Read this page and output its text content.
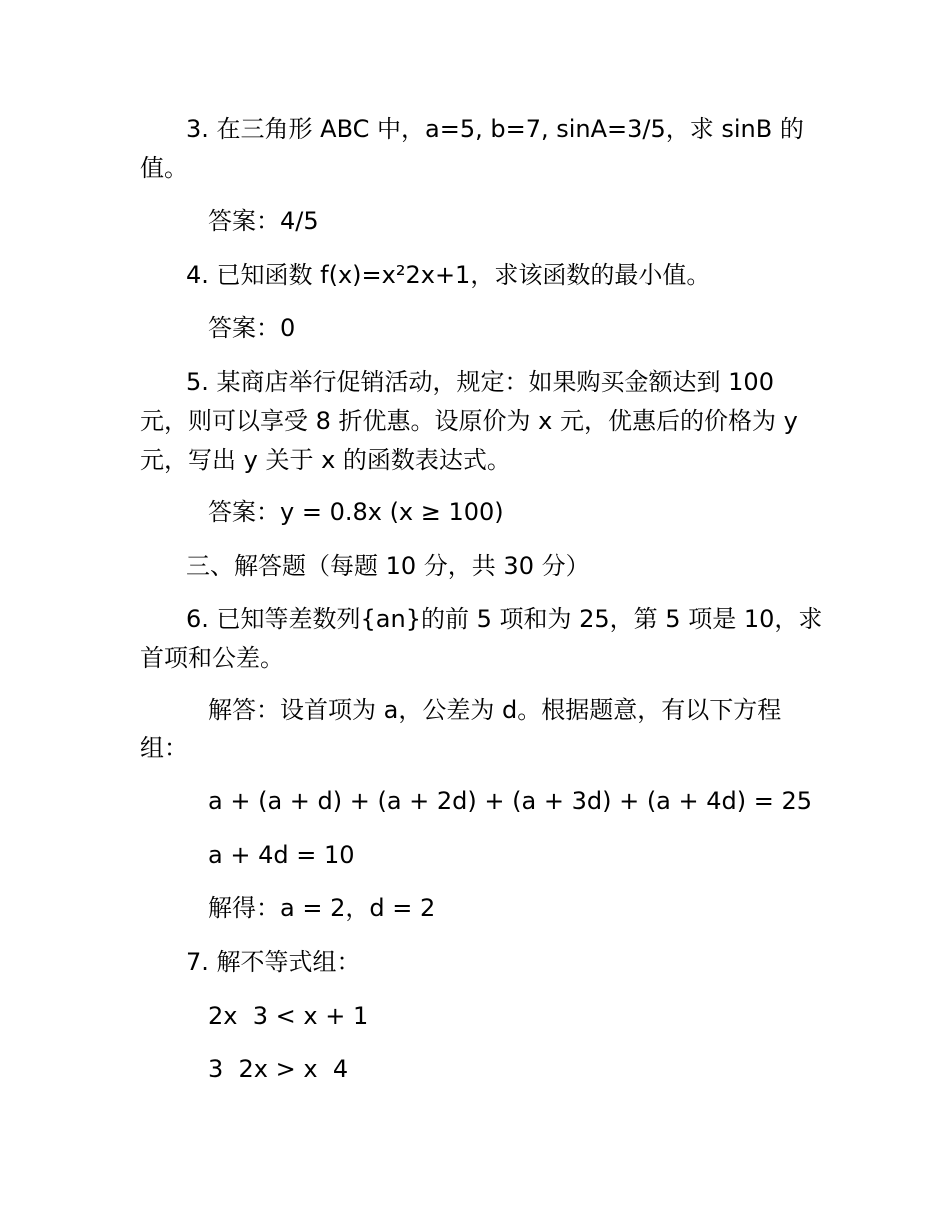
3. 在三角形 ABC 中，a=5, b=7, sinA=3/5，求 sinB 的
值。
答案：4/5
4. 已知函数 f(x)=x²2x+1，求该函数的最小值。
答案：0
5. 某商店举行促销活动，规定：如果购买金额达到 100
元，则可以享受 8 折优惠。设原价为 x 元，优惠后的价格为 y
元，写出 y 关于 x 的函数表达式。
答案：y = 0.8x (x ≥ 100)
三、解答题（每题 10 分，共 30 分）
6. 已知等差数列{an}的前 5 项和为 25，第 5 项是 10，求
首项和公差。
解答：设首项为 a，公差为 d。根据题意，有以下方程
组：
a + (a + d) + (a + 2d) + (a + 3d) + (a + 4d) = 25
a + 4d = 10
解得：a = 2，d = 2
7. 解不等式组：
2x  3 < x + 1
3  2x > x  4
